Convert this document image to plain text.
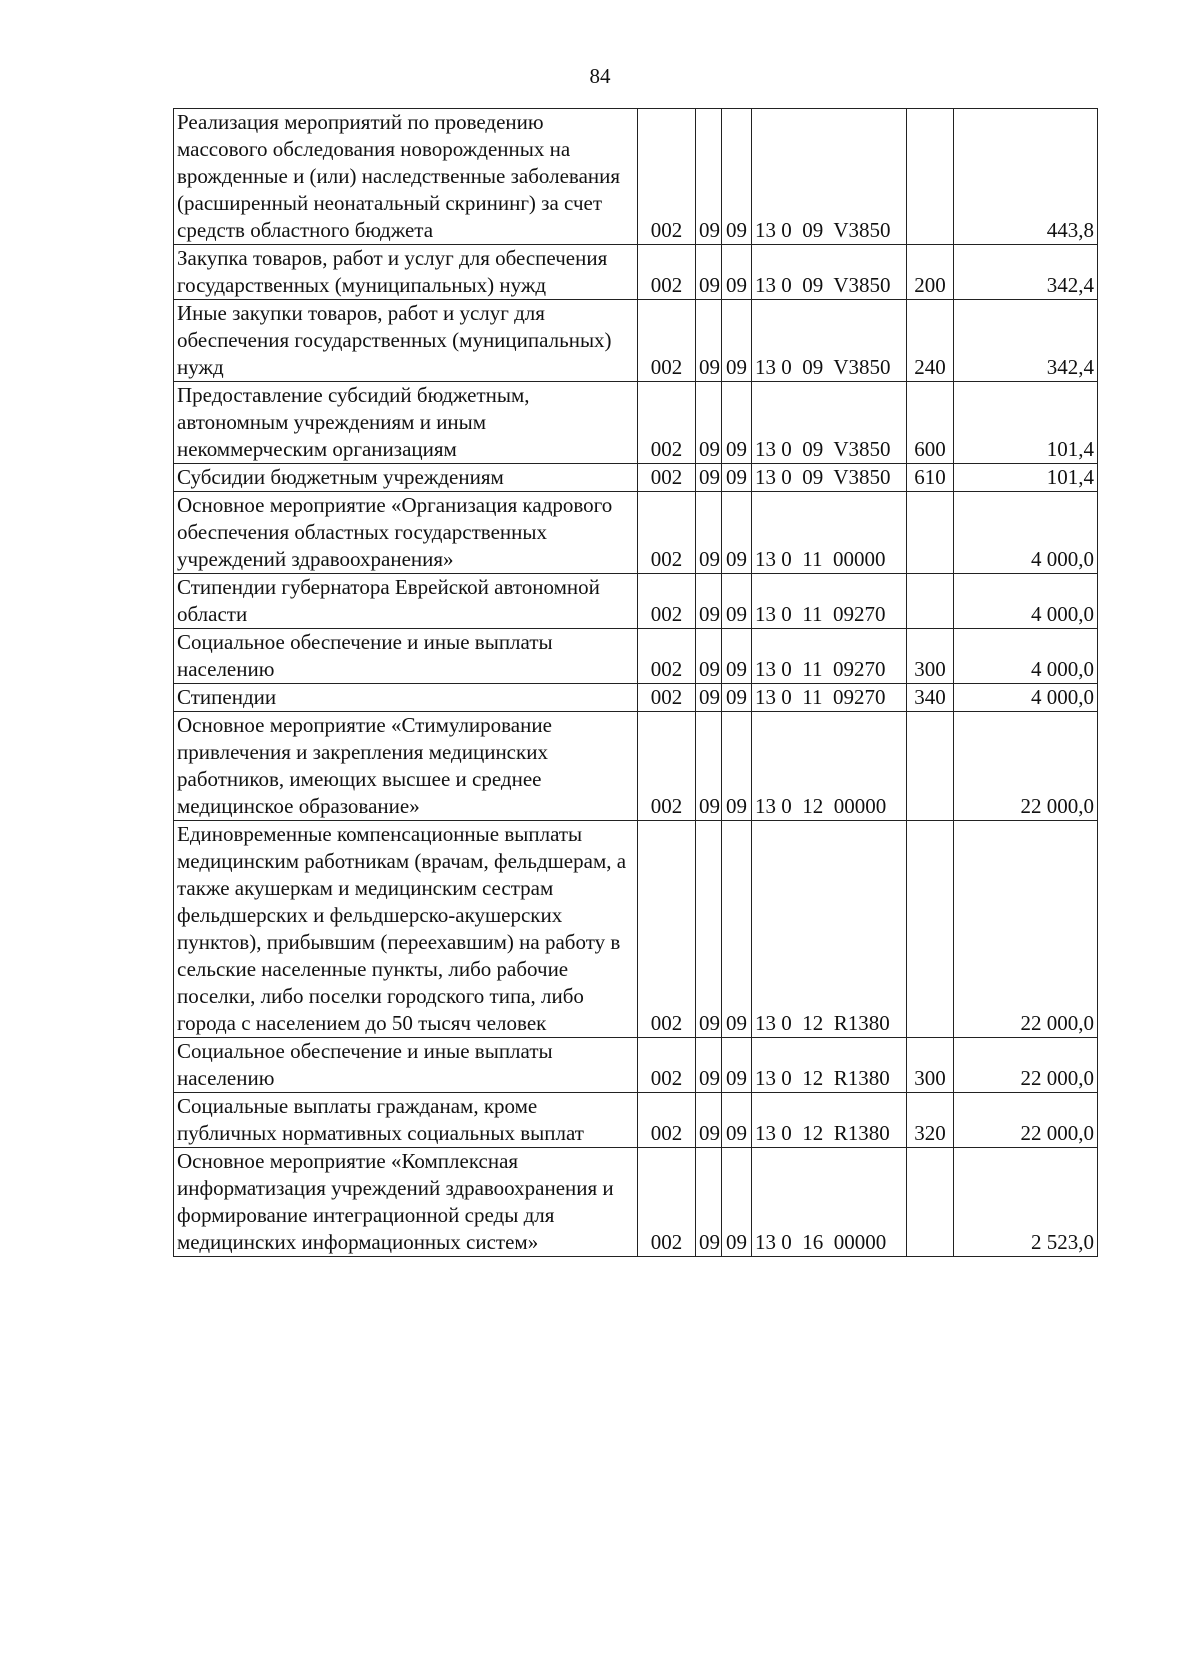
84
Реализация мероприятий по проведению массового обследования новорожденных на врожденные и (или) наследственные заболевания (расширенный неонатальный скрининг) за счет средств областного бюджета	002	09	09	13 0  09  V3850		443,8
Закупка товаров, работ и услуг для обеспечения государственных (муниципальных) нужд	002	09	09	13 0  09  V3850	200	342,4
Иные закупки товаров, работ и услуг для обеспечения государственных (муниципальных) нужд	002	09	09	13 0  09  V3850	240	342,4
Предоставление субсидий бюджетным, автономным учреждениям и иным некоммерческим организациям	002	09	09	13 0  09  V3850	600	101,4
Субсидии бюджетным учреждениям	002	09	09	13 0  09  V3850	610	101,4
Основное мероприятие «Организация кадрового обеспечения областных государственных учреждений здравоохранения»	002	09	09	13 0  11  00000		4 000,0
Стипендии губернатора Еврейской автономной области	002	09	09	13 0  11  09270		4 000,0
Социальное обеспечение и иные выплаты населению	002	09	09	13 0  11  09270	300	4 000,0
Стипендии	002	09	09	13 0  11  09270	340	4 000,0
Основное мероприятие «Стимулирование привлечения и закрепления медицинских работников, имеющих высшее и среднее медицинское образование»	002	09	09	13 0  12  00000		22 000,0
Единовременные компенсационные выплаты медицинским работникам (врачам, фельдшерам, а также акушеркам и медицинским сестрам фельдшерских и фельдшерско-акушерских пунктов), прибывшим (переехавшим) на работу в сельские населенные пункты, либо рабочие поселки, либо поселки городского типа, либо города с населением до 50 тысяч человек	002	09	09	13 0  12  R1380		22 000,0
Социальное обеспечение и иные выплаты населению	002	09	09	13 0  12  R1380	300	22 000,0
Социальные выплаты гражданам, кроме публичных нормативных социальных выплат	002	09	09	13 0  12  R1380	320	22 000,0
Основное мероприятие «Комплексная информатизация учреждений здравоохранения и формирование интеграционной среды для медицинских информационных систем»	002	09	09	13 0  16  00000		2 523,0
